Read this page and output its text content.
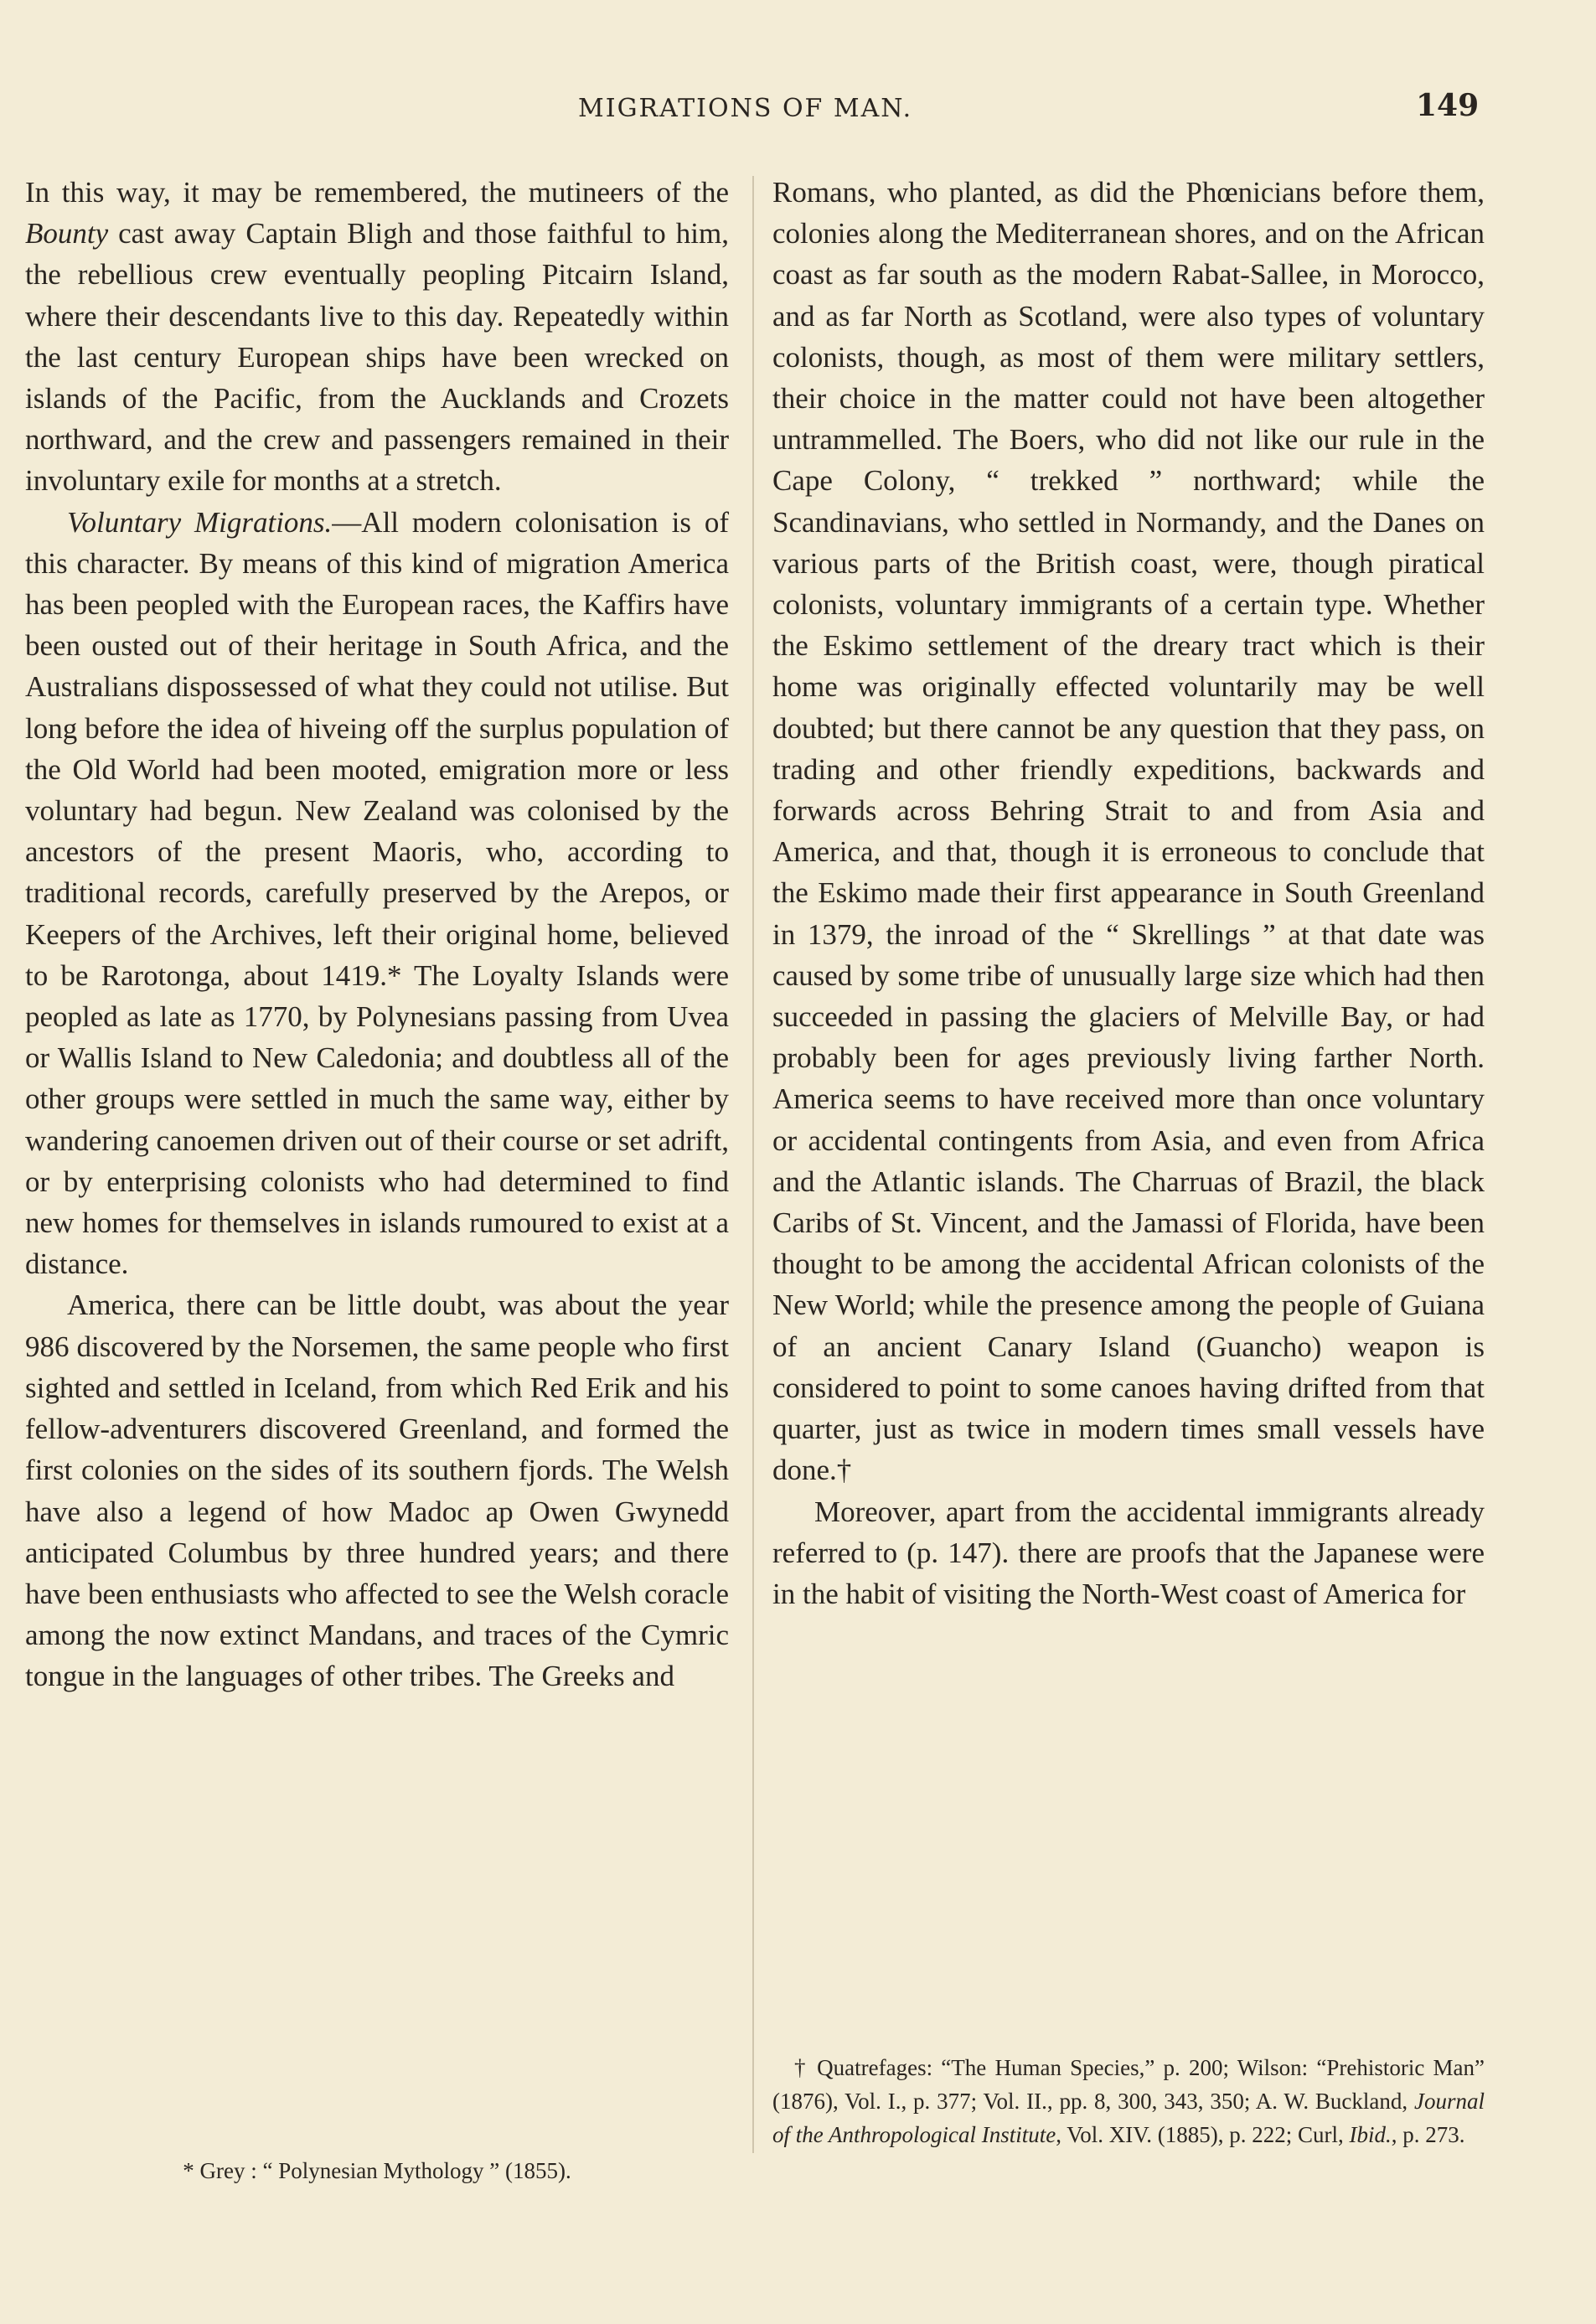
MIGRATIONS OF MAN.	149

In this way, it may be remembered, the mutineers of the Bounty cast away Captain Bligh and those faithful to him, the rebellious crew eventually peopling Pitcairn Island, where their descendants live to this day. Repeatedly within the last century European ships have been wrecked on islands of the Pacific, from the Aucklands and Crozets northward, and the crew and passengers remained in their involuntary exile for months at a stretch.

Voluntary Migrations.—All modern colonisation is of this character. By means of this kind of migration America has been peopled with the European races, the Kaffirs have been ousted out of their heritage in South Africa, and the Australians dispossessed of what they could not utilise. But long before the idea of hiveing off the surplus population of the Old World had been mooted, emigration more or less voluntary had begun. New Zealand was colonised by the ancestors of the present Maoris, who, according to traditional records, carefully preserved by the Arepos, or Keepers of the Archives, left their original home, believed to be Rarotonga, about 1419.* The Loyalty Islands were peopled as late as 1770, by Polynesians passing from Uvea or Wallis Island to New Caledonia; and doubtless all of the other groups were settled in much the same way, either by wandering canoemen driven out of their course or set adrift, or by enterprising colonists who had determined to find new homes for themselves in islands rumoured to exist at a distance.

America, there can be little doubt, was about the year 986 discovered by the Norsemen, the same people who first sighted and settled in Iceland, from which Red Erik and his fellow-adventurers discovered Greenland, and formed the first colonies on the sides of its southern fjords. The Welsh have also a legend of how Madoc ap Owen Gwynedd anticipated Columbus by three hundred years; and there have been enthusiasts who affected to see the Welsh coracle among the now extinct Mandans, and traces of the Cymric tongue in the languages of other tribes. The Greeks and

Romans, who planted, as did the Phœnicians before them, colonies along the Mediterranean shores, and on the African coast as far south as the modern Rabat-Sallee, in Morocco, and as far North as Scotland, were also types of voluntary colonists, though, as most of them were military settlers, their choice in the matter could not have been altogether untrammelled. The Boers, who did not like our rule in the Cape Colony, “ trekked ” northward; while the Scandinavians, who settled in Normandy, and the Danes on various parts of the British coast, were, though piratical colonists, voluntary immigrants of a certain type. Whether the Eskimo settlement of the dreary tract which is their home was originally effected voluntarily may be well doubted; but there cannot be any question that they pass, on trading and other friendly expeditions, backwards and forwards across Behring Strait to and from Asia and America, and that, though it is erroneous to conclude that the Eskimo made their first appearance in South Greenland in 1379, the inroad of the “ Skrellings ” at that date was caused by some tribe of unusually large size which had then succeeded in passing the glaciers of Melville Bay, or had probably been for ages previously living farther North. America seems to have received more than once voluntary or accidental contingents from Asia, and even from Africa and the Atlantic islands. The Charruas of Brazil, the black Caribs of St. Vincent, and the Jamassi of Florida, have been thought to be among the accidental African colonists of the New World; while the presence among the people of Guiana of an ancient Canary Island (Guancho) weapon is considered to point to some canoes having drifted from that quarter, just as twice in modern times small vessels have done.†

Moreover, apart from the accidental immigrants already referred to (p. 147). there are proofs that the Japanese were in the habit of visiting the North-West coast of America for

* Grey : “ Polynesian Mythology ” (1855).
† Quatrefages: “The Human Species,” p. 200; Wilson: “Prehistoric Man” (1876), Vol. I., p. 377; Vol. II., pp. 8, 300, 343, 350; A. W. Buckland, Journal of the Anthropological Institute, Vol. XIV. (1885), p. 222; Curl, Ibid., p. 273.
